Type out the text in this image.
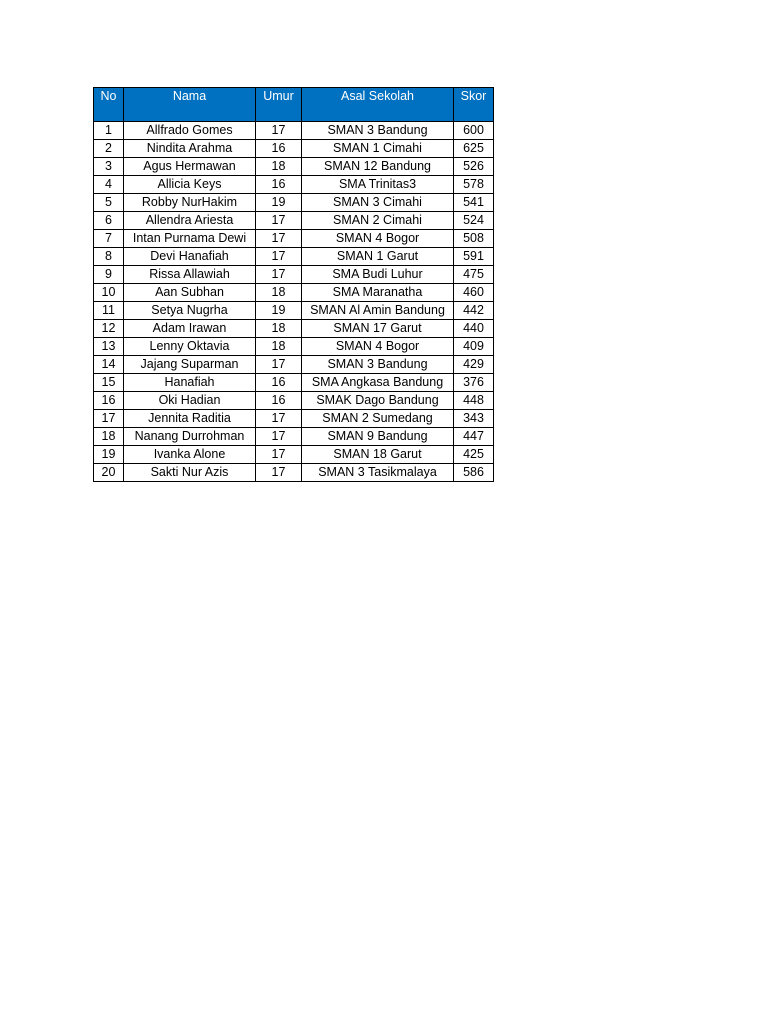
No	Nama	Umur	Asal Sekolah	Skor
1	Allfrado Gomes	17	SMAN 3 Bandung	600
2	Nindita Arahma	16	SMAN 1 Cimahi	625
3	Agus Hermawan	18	SMAN 12 Bandung	526
4	Allicia Keys	16	SMA Trinitas3	578
5	Robby NurHakim	19	SMAN 3 Cimahi	541
6	Allendra Ariesta	17	SMAN 2 Cimahi	524
7	Intan Purnama Dewi	17	SMAN 4 Bogor	508
8	Devi Hanafiah	17	SMAN 1 Garut	591
9	Rissa Allawiah	17	SMA Budi Luhur	475
10	Aan Subhan	18	SMA Maranatha	460
11	Setya Nugrha	19	SMAN Al Amin Bandung	442
12	Adam Irawan	18	SMAN 17 Garut	440
13	Lenny Oktavia	18	SMAN 4 Bogor	409
14	Jajang Suparman	17	SMAN 3 Bandung	429
15	Hanafiah	16	SMA Angkasa Bandung	376
16	Oki Hadian	16	SMAK Dago Bandung	448
17	Jennita Raditia	17	SMAN 2 Sumedang	343
18	Nanang Durrohman	17	SMAN 9 Bandung	447
19	Ivanka Alone	17	SMAN 18 Garut	425
20	Sakti Nur Azis	17	SMAN 3 Tasikmalaya	586
